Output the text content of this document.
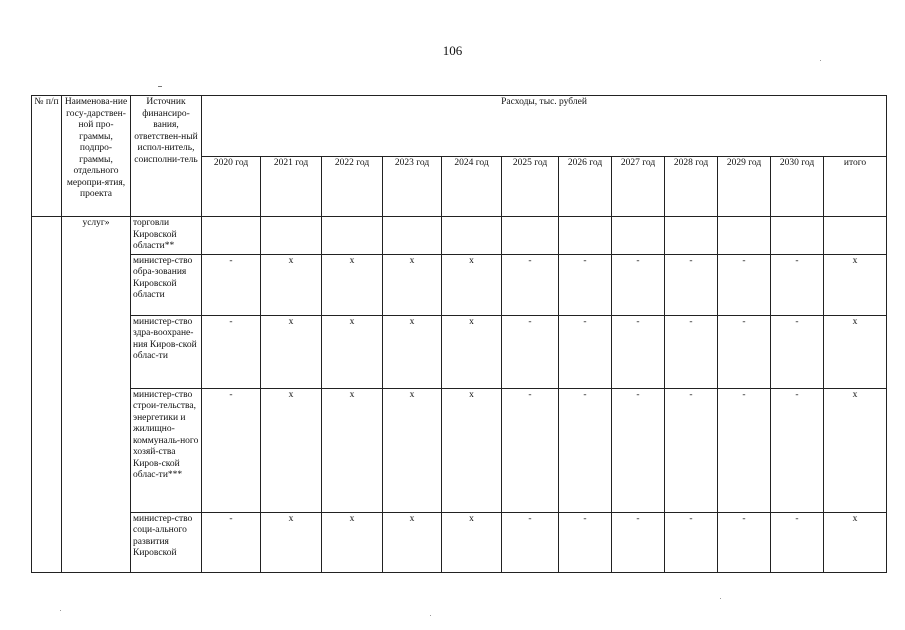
106
№ п/п	Наименова-ние госу-дарствен-ной про-граммы, подпро-граммы, отдельного меропри-ятия, проекта	Источник финансиро-вания, ответствен-ный испол-нитель, соисполни-тель	Расходы, тыс. рублей											
			2020 год	2021 год	2022 год	2023 год	2024 год	2025 год	2026 год	2027 год	2028 год	2029 год	2030 год	итого
	услуг»	торговли Кировской области**												
		министер-ство обра-зования Кировской области	-	х	х	х	х	-	-	-	-	-	-	х
		министер-ство здра-воохране-ния Киров-ской облас-ти	-	х	х	х	х	-	-	-	-	-	-	х
		министер-ство строи-тельства, энергетики и жилищно-коммуналь-ного хозяй-ства Киров-ской облас-ти***	-	х	х	х	х	-	-	-	-	-	-	х
		министер-ство соци-ального развития Кировской	-	х	х	х	х	-	-	-	-	-	-	х
